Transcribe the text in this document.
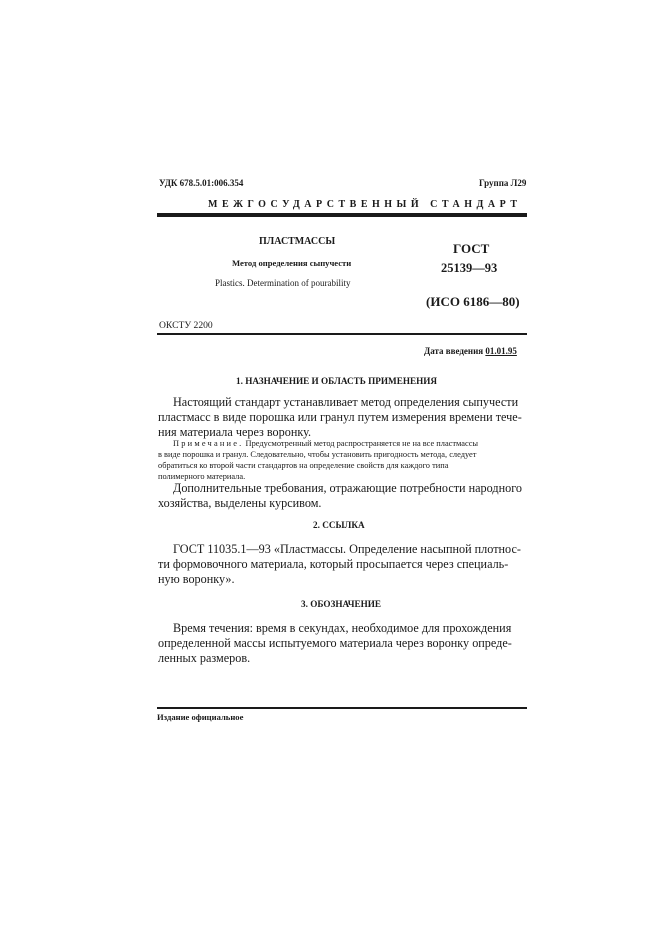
УДК 678.5.01:006.354	Группа Л29
МЕЖГОСУДАРСТВЕННЫЙ СТАНДАРТ
ПЛАСТМАССЫ
Метод определения сыпучести
Plastics. Determination of pourability
ГОСТ
25139—93
(ИСО 6186—80)
ОКСТУ 2200
Дата введения 01.01.95
1. НАЗНАЧЕНИЕ И ОБЛАСТЬ ПРИМЕНЕНИЯ
Настоящий стандарт устанавливает метод определения сыпучести
пластмасс в виде порошка или гранул путем измерения времени тече-
ния материала через воронку.
Примечание. Предусмотренный метод распространяется не на все пластмассы
в виде порошка и гранул. Следовательно, чтобы установить пригодность метода, следует
обратиться ко второй части стандартов на определение свойств для каждого типа
полимерного материала.
Дополнительные требования, отражающие потребности народного
хозяйства, выделены курсивом.
2. ССЫЛКА
ГОСТ 11035.1—93 «Пластмассы. Определение насыпной плотнос-
ти формовочного материала, который просыпается через специаль-
ную воронку».
3. ОБОЗНАЧЕНИЕ
Время течения: время в секундах, необходимое для прохождения
определенной массы испытуемого материала через воронку опреде-
ленных размеров.
Издание официальное
